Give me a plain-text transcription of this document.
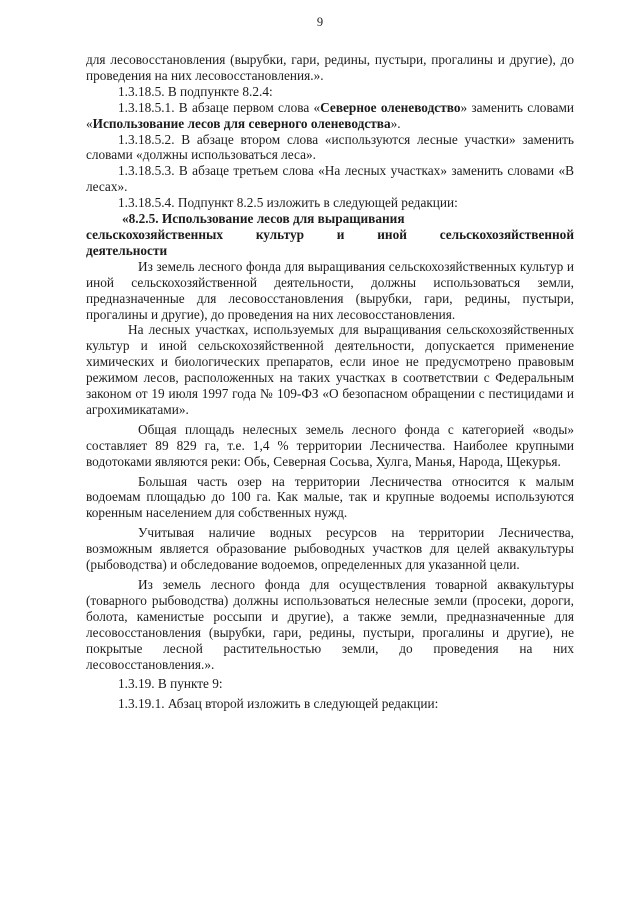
9

для лесовосстановления (вырубки, гари, редины, пустыри, прогалины и другие), до проведения на них лесовосстановления.».

1.3.18.5. В подпункте 8.2.4:

1.3.18.5.1. В абзаце первом слова «Северное оленеводство» заменить словами «Использование лесов для северного оленеводства».

1.3.18.5.2. В абзаце втором слова «используются лесные участки» заменить словами «должны использоваться леса».

1.3.18.5.3. В абзаце третьем слова «На лесных участках» заменить словами «В лесах».

1.3.18.5.4. Подпункт 8.2.5 изложить в следующей редакции:

«8.2.5. Использование лесов для выращивания

сельскохозяйственных культур и иной сельскохозяйственной

деятельности

Из земель лесного фонда для выращивания сельскохозяйственных культур и иной сельскохозяйственной деятельности, должны использоваться земли, предназначенные для лесовосстановления (вырубки, гари, редины, пустыри, прогалины и другие), до проведения на них лесовосстановления.

На лесных участках, используемых для выращивания сельскохозяйственных культур и иной сельскохозяйственной деятельности, допускается применение химических и биологических препаратов, если иное не предусмотрено правовым режимом лесов, расположенных на таких участках в соответствии с Федеральным законом от 19 июля 1997 года № 109-ФЗ «О безопасном обращении с пестицидами и агрохимикатами».

Общая площадь нелесных земель лесного фонда с категорией «воды» составляет 89 829 га, т.е. 1,4 % территории Лесничества. Наиболее крупными водотоками являются реки: Обь, Северная Сосьва, Хулга, Манья, Народа, Щекурья.

Большая часть озер на территории Лесничества относится к малым водоемам площадью до 100 га. Как малые, так и крупные водоемы используются коренным населением для собственных нужд.

Учитывая наличие водных ресурсов на территории Лесничества, возможным является образование рыбоводных участков для целей аквакультуры (рыбоводства) и обследование водоемов, определенных для указанной цели.

Из земель лесного фонда для осуществления товарной аквакультуры (товарного рыбоводства) должны использоваться нелесные земли (просеки, дороги, болота, каменистые россыпи и другие), а также земли, предназначенные для лесовосстановления (вырубки, гари, редины, пустыри, прогалины и другие), не покрытые лесной растительностью земли, до проведения на них лесовосстановления.».

1.3.19. В пункте 9:

1.3.19.1. Абзац второй изложить в следующей редакции:
